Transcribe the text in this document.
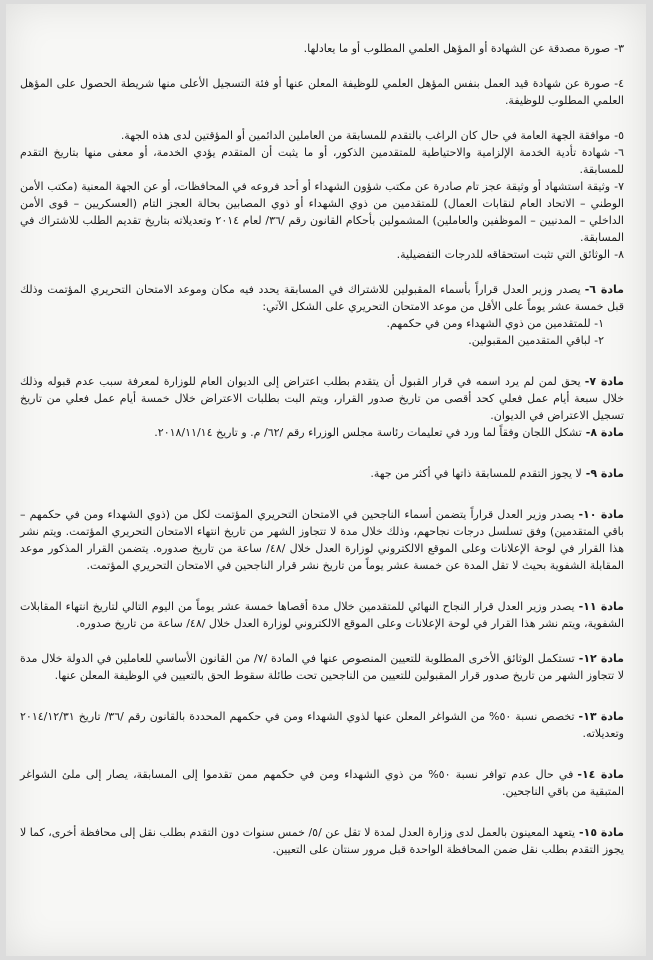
٣-صورة مصدقة عن الشهادة أو المؤهل العلمي المطلوب أو ما يعادلها.

٤-صورة عن شهادة قيد العمل بنفس المؤهل العلمي للوظيفة المعلن عنها أو فئة التسجيل الأعلى منها شريطة الحصول على المؤهل العلمي المطلوب للوظيفة.

٥-موافقة الجهة العامة في حال كان الراغب بالتقدم للمسابقة من العاملين الدائمين أو المؤقتين لدى هذه الجهة.

٦-شهادة تأدية الخدمة الإلزامية والاحتياطية للمتقدمين الذكور، أو ما يثبت أن المتقدم يؤدي الخدمة، أو معفى منها بتاريخ التقدم للمسابقة.

٧-وثيقة استشهاد أو وثيقة عجز تام صادرة عن مكتب شؤون الشهداء أو أحد فروعه في المحافظات، أو عن الجهة المعنية (مكتب الأمن الوطني – الاتحاد العام لنقابات العمال) للمتقدمين من ذوي الشهداء أو ذوي المصابين بحالة العجز التام (العسكريين – قوى الأمن الداخلي – المدنيين – الموظفين والعاملين) المشمولين بأحكام القانون رقم /٣٦/ لعام ٢٠١٤ وتعديلاته بتاريخ تقديم الطلب للاشتراك في المسابقة.

٨-الوثائق التي تثبت استحقاقه للدرجات التفضيلية.

مادة ٦-يصدر وزير العدل قراراً بأسماء المقبولين للاشتراك في المسابقة يحدد فيه مكان وموعد الامتحان التحريري المؤتمت وذلك قبل خمسة عشر يوماً على الأقل من موعد الامتحان التحريري على الشكل الآتي:

١- للمتقدمين من ذوي الشهداء ومن في حكمهم.

٢- لباقي المتقدمين المقبولين.

مادة ٧-يحق لمن لم يرد اسمه في قرار القبول أن يتقدم بطلب اعتراض إلى الديوان العام للوزارة لمعرفة سبب عدم قبوله وذلك خلال سبعة أيام عمل فعلي كحد أقصى من تاريخ صدور القرار، ويتم البت بطلبات الاعتراض خلال خمسة أيام عمل فعلي من تاريخ تسجيل الاعتراض في الديوان.

مادة ٨-تشكل اللجان وفقاً لما ورد في تعليمات رئاسة مجلس الوزراء رقم /٦٢/ م. و تاريخ ٢٠١٨/١١/١٤.

مادة ٩-لا يجوز التقدم للمسابقة ذاتها في أكثر من جهة.

مادة ١٠-يصدر وزير العدل قراراً يتضمن أسماء الناجحين في الامتحان التحريري المؤتمت لكل من (ذوي الشهداء ومن في حكمهم – باقي المتقدمين) وفق تسلسل درجات نجاحهم، وذلك خلال مدة لا تتجاوز الشهر من تاريخ انتهاء الامتحان التحريري المؤتمت. ويتم نشر هذا القرار في لوحة الإعلانات وعلى الموقع الالكتروني لوزارة العدل خلال /٤٨/ ساعة من تاريخ صدوره. يتضمن القرار المذكور موعد المقابلة الشفوية بحيث لا تقل المدة عن خمسة عشر يوماً من تاريخ نشر قرار الناجحين في الامتحان التحريري المؤتمت.

مادة ١١-يصدر وزير العدل قرار النجاح النهائي للمتقدمين خلال مدة أقصاها خمسة عشر يوماً من اليوم التالي لتاريخ انتهاء المقابلات الشفوية، ويتم نشر هذا القرار في لوحة الإعلانات وعلى الموقع الالكتروني لوزارة العدل خلال /٤٨/ ساعة من تاريخ صدوره.

مادة ١٢-تستكمل الوثائق الأخرى المطلوبة للتعيين المنصوص عنها في المادة /٧/ من القانون الأساسي للعاملين في الدولة خلال مدة لا تتجاوز الشهر من تاريخ صدور قرار المقبولين للتعيين من الناجحين تحت طائلة سقوط الحق بالتعيين في الوظيفة المعلن عنها.

مادة ١٣-تخصص نسبة ٥٠% من الشواغر المعلن عنها لذوي الشهداء ومن في حكمهم المحددة بالقانون رقم /٣٦/ تاريخ ٢٠١٤/١٢/٣١ وتعديلاته.

مادة ١٤-في حال عدم توافر نسبة ٥٠% من ذوي الشهداء ومن في حكمهم ممن تقدموا إلى المسابقة، يصار إلى ملئ الشواغر المتبقية من باقي الناجحين.

مادة ١٥-يتعهد المعينون بالعمل لدى وزارة العدل لمدة لا تقل عن /٥/ خمس سنوات دون التقدم بطلب نقل إلى محافظة أخرى، كما لا يجوز التقدم بطلب نقل ضمن المحافظة الواحدة قبل مرور سنتان على التعيين.
